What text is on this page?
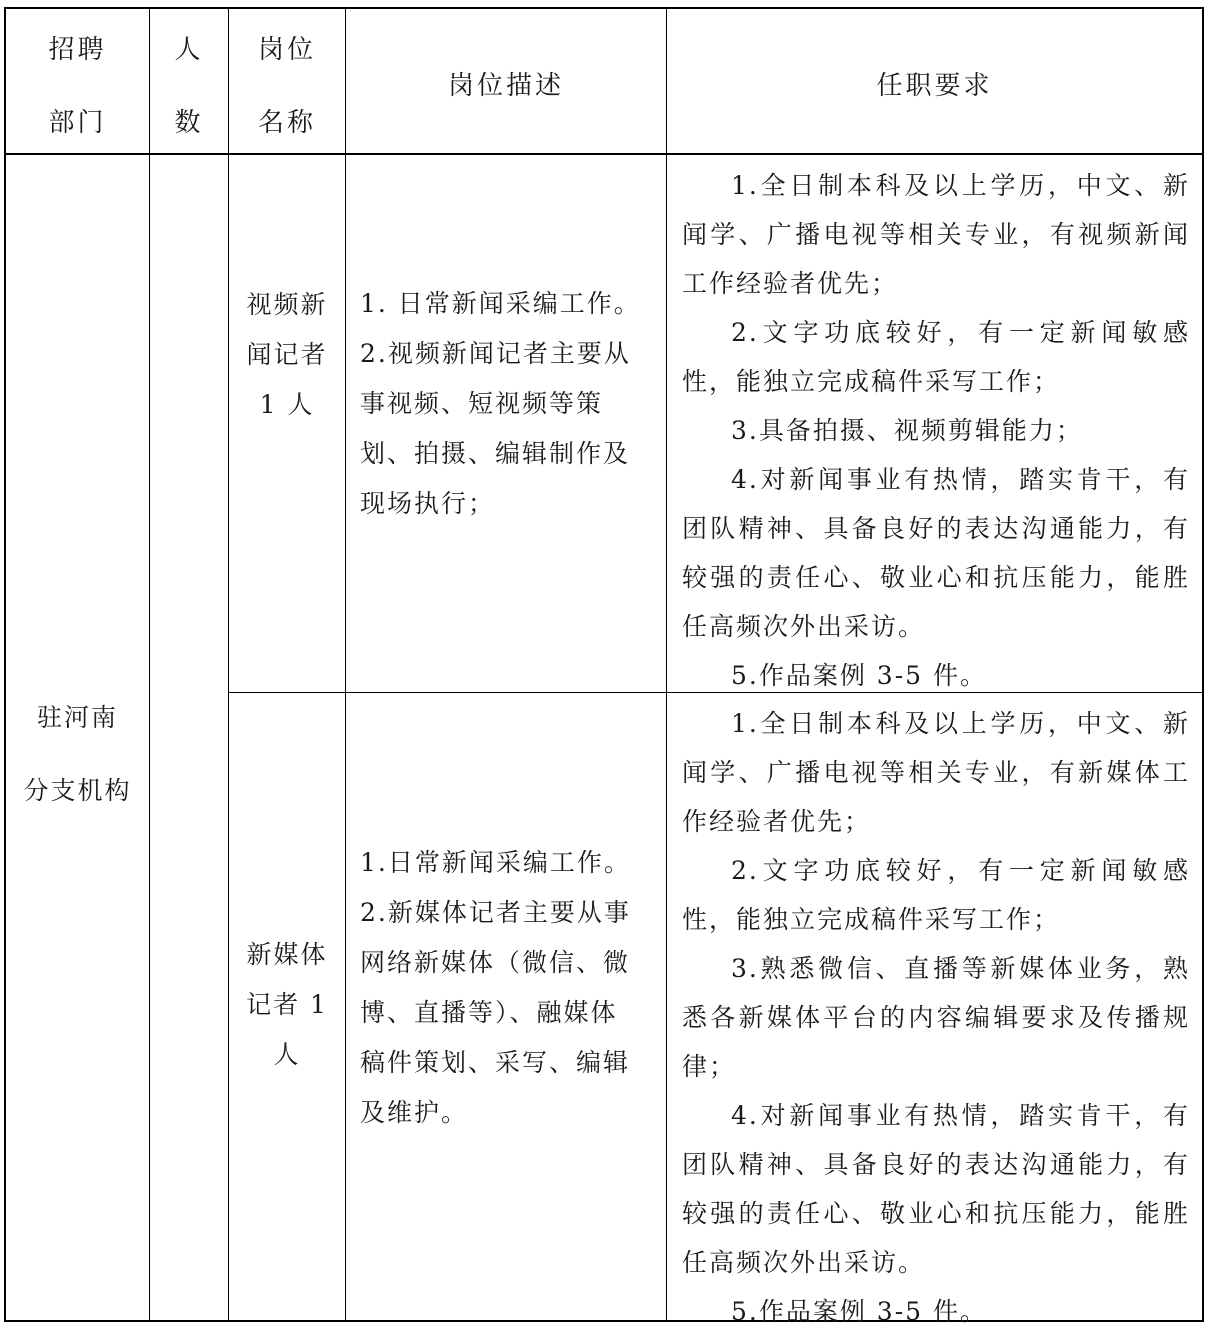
招聘
部门
人
数
岗位
名称
岗位描述	任职要求
驻河南
分支机构
视频新
闻记者
1 人
1. 日常新闻采编工作。
2.视频新闻记者主要从
事视频、短视频等策
划、拍摄、编辑制作及
现场执行；

1.全日制本科及以上学历，中文、新闻学、广播电视等相关专业，有视频新闻工作经验者优先；

2.文字功底较好，有一定新闻敏感性，能独立完成稿件采写工作；

3.具备拍摄、视频剪辑能力；

4.对新闻事业有热情，踏实肯干，有团队精神、具备良好的表达沟通能力，有较强的责任心、敬业心和抗压能力，能胜任高频次外出采访。

5.作品案例 3-5 件。

新媒体
记者 1
人
1.日常新闻采编工作。
2.新媒体记者主要从事
网络新媒体（微信、微
博、直播等）、融媒体
稿件策划、采写、编辑
及维护。

1.全日制本科及以上学历，中文、新闻学、广播电视等相关专业，有新媒体工作经验者优先；

2.文字功底较好，有一定新闻敏感性，能独立完成稿件采写工作；

3.熟悉微信、直播等新媒体业务，熟悉各新媒体平台的内容编辑要求及传播规律；

4.对新闻事业有热情，踏实肯干，有团队精神、具备良好的表达沟通能力，有较强的责任心、敬业心和抗压能力，能胜任高频次外出采访。

5.作品案例 3-5 件。
